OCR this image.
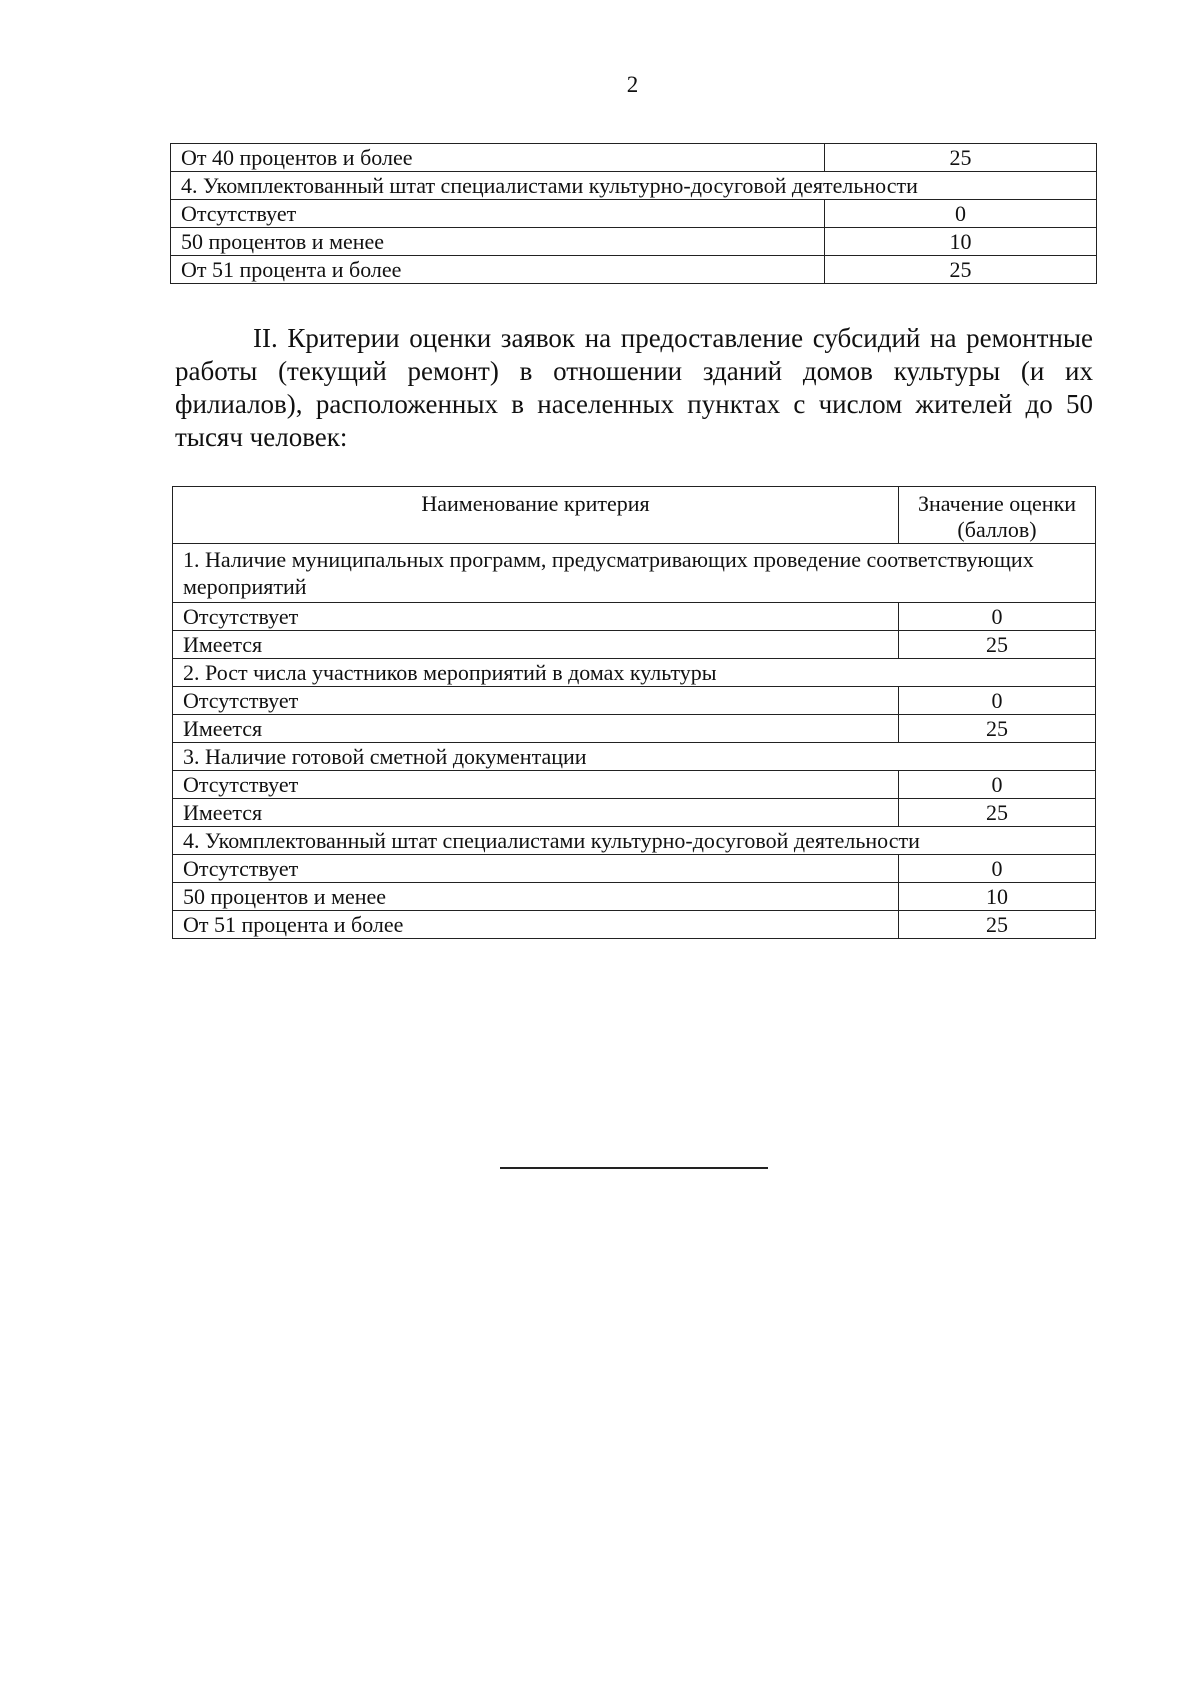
2
От 40 процентов и более	25
4. Укомплектованный штат специалистами культурно-досуговой деятельности	
Отсутствует	0
50 процентов и менее	10
От 51 процента и более	25

II. Критерии оценки заявок на предоставление субсидий на ремонтные работы (текущий ремонт) в отношении зданий домов культуры (и их филиалов), расположенных в населенных пунктах с числом жителей до 50 тысяч человек:

Наименование критерия	Значение оценки (баллов)
1. Наличие муниципальных программ, предусматривающих проведение соответствующих мероприятий	
Отсутствует	0
Имеется	25
2. Рост числа участников мероприятий в домах культуры	
Отсутствует	0
Имеется	25
3. Наличие готовой сметной документации	
Отсутствует	0
Имеется	25
4. Укомплектованный штат специалистами культурно-досуговой деятельности	
Отсутствует	0
50 процентов и менее	10
От 51 процента и более	25
